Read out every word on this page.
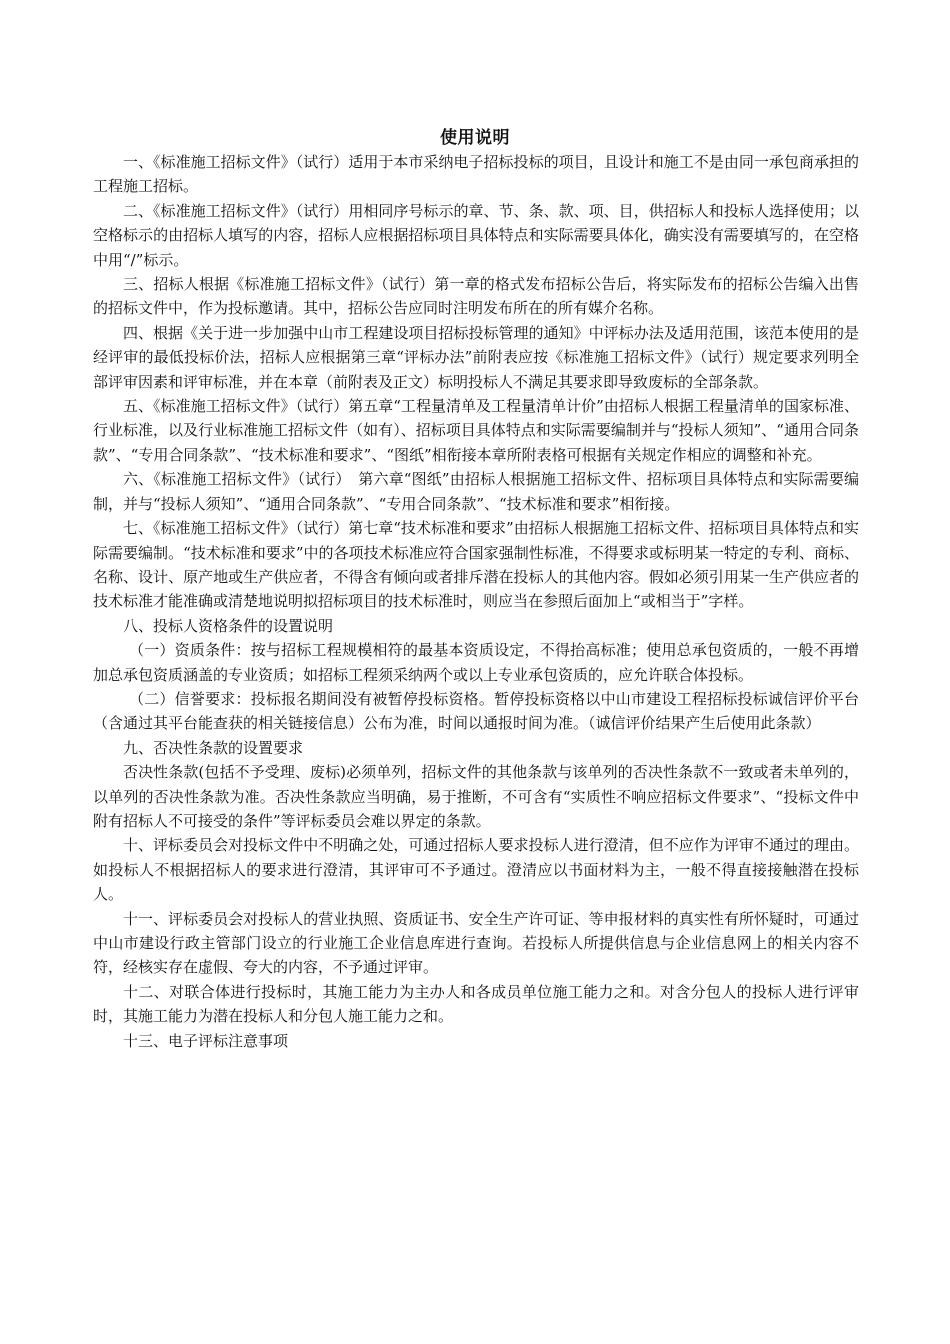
使用说明

一、《标准施工招标文件》（试行）适用于本市采纳电子招标投标的项目，且设计和施工不是由同一承包商承担的工程施工招标。

二、《标准施工招标文件》（试行）用相同序号标示的章、节、条、款、项、目，供招标人和投标人选择使用；以空格标示的由招标人填写的内容，招标人应根据招标项目具体特点和实际需要具体化，确实没有需要填写的，在空格中用“/”标示。

三、招标人根据《标准施工招标文件》（试行）第一章的格式发布招标公告后，将实际发布的招标公告编入出售的招标文件中，作为投标邀请。其中，招标公告应同时注明发布所在的所有媒介名称。

四、根据《关于进一步加强中山市工程建设项目招标投标管理的通知》中评标办法及适用范围，该范本使用的是经评审的最低投标价法，招标人应根据第三章“评标办法”前附表应按《标准施工招标文件》（试行）规定要求列明全部评审因素和评审标准，并在本章（前附表及正文）标明投标人不满足其要求即导致废标的全部条款。

五、《标准施工招标文件》（试行）第五章“工程量清单及工程量清单计价”由招标人根据工程量清单的国家标准、行业标准，以及行业标准施工招标文件（如有）、招标项目具体特点和实际需要编制并与“投标人须知”、“通用合同条款”、“专用合同条款”、“技术标准和要求”、“图纸”相衔接本章所附表格可根据有关规定作相应的调整和补充。

六、《标准施工招标文件》（试行）　第六章“图纸”由招标人根据施工招标文件、招标项目具体特点和实际需要编制，并与“投标人须知”、“通用合同条款”、“专用合同条款”、“技术标准和要求”相衔接。

七、《标准施工招标文件》（试行）第七章“技术标准和要求”由招标人根据施工招标文件、招标项目具体特点和实际需要编制。“技术标准和要求”中的各项技术标准应符合国家强制性标准，不得要求或标明某一特定的专利、商标、名称、设计、原产地或生产供应者，不得含有倾向或者排斥潜在投标人的其他内容。假如必须引用某一生产供应者的技术标准才能准确或清楚地说明拟招标项目的技术标准时，则应当在参照后面加上“或相当于”字样。

八、投标人资格条件的设置说明

（一）资质条件：按与招标工程规模相符的最基本资质设定，不得抬高标准；使用总承包资质的，一般不再增加总承包资质涵盖的专业资质；如招标工程须采纳两个或以上专业承包资质的，应允许联合体投标。

（二）信誉要求：投标报名期间没有被暂停投标资格。暂停投标资格以中山市建设工程招标投标诚信评价平台（含通过其平台能查获的相关链接信息）公布为准，时间以通报时间为准。（诚信评价结果产生后使用此条款）

九、否决性条款的设置要求

否决性条款(包括不予受理、废标)必须单列，招标文件的其他条款与该单列的否决性条款不一致或者未单列的，以单列的否决性条款为准。否决性条款应当明确，易于推断，不可含有“实质性不响应招标文件要求”、“投标文件中附有招标人不可接受的条件”等评标委员会难以界定的条款。

十、评标委员会对投标文件中不明确之处，可通过招标人要求投标人进行澄清，但不应作为评审不通过的理由。如投标人不根据招标人的要求进行澄清，其评审可不予通过。澄清应以书面材料为主，一般不得直接接触潜在投标人。

十一、评标委员会对投标人的营业执照、资质证书、安全生产许可证、等申报材料的真实性有所怀疑时，可通过中山市建设行政主管部门设立的行业施工企业信息库进行查询。若投标人所提供信息与企业信息网上的相关内容不符，经核实存在虚假、夸大的内容，不予通过评审。

十二、对联合体进行投标时，其施工能力为主办人和各成员单位施工能力之和。对含分包人的投标人进行评审时，其施工能力为潜在投标人和分包人施工能力之和。

十三、电子评标注意事项
